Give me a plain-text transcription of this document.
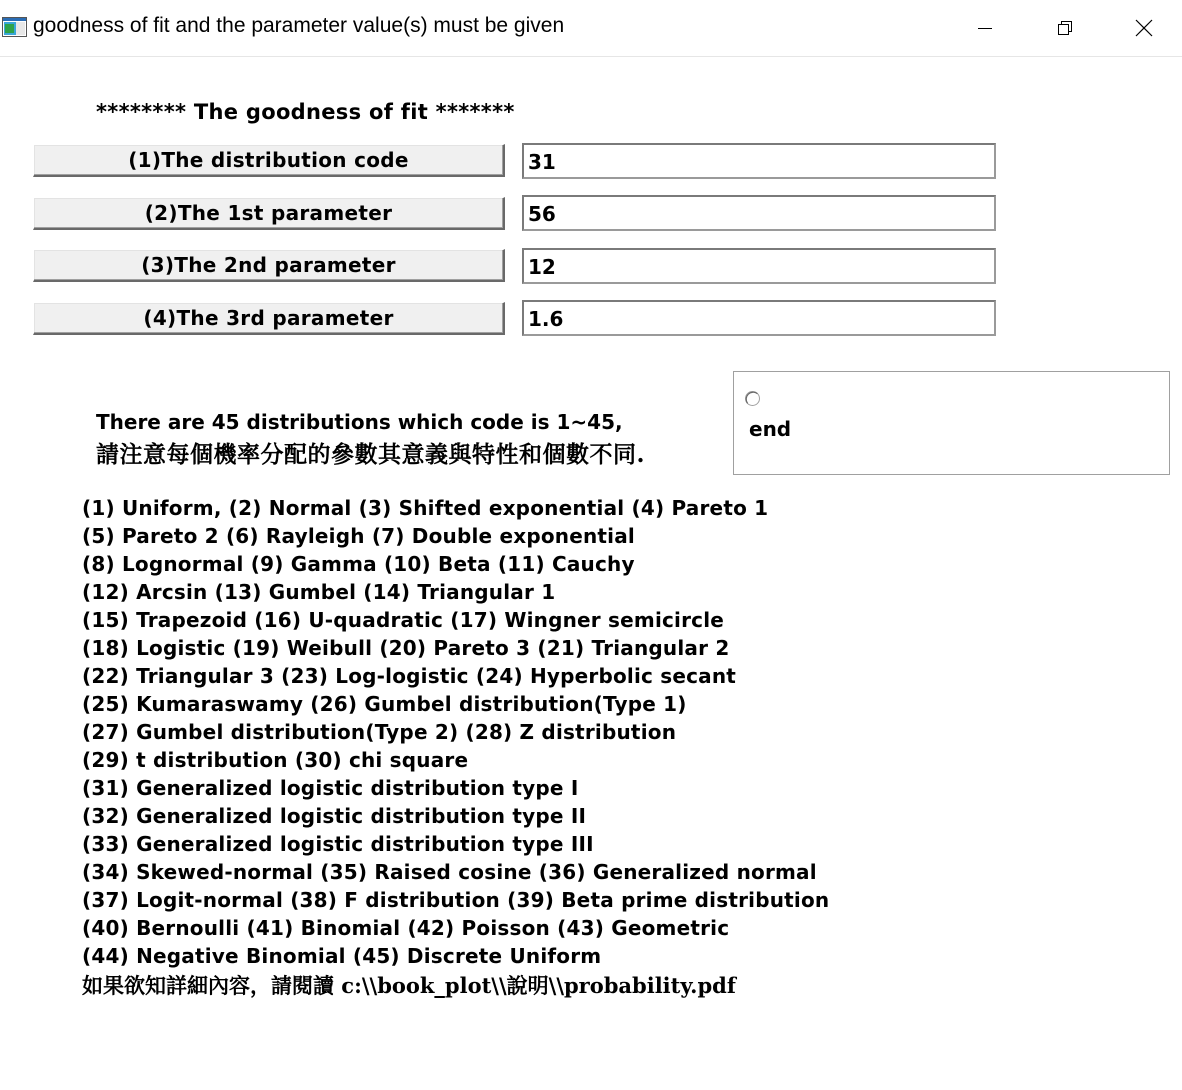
goodness of fit and the parameter value(s) must be given
******** The goodness of fit *******
(1)The distribution code
31
(2)The 1st parameter
56
(3)The 2nd parameter
12
(4)The 3rd parameter
1.6
There are 45 distributions which code is 1~45,
請注意每個機率分配的參數其意義與特性和個數不同.
end
(1) Uniform, (2) Normal (3) Shifted exponential (4) Pareto 1
(5) Pareto 2 (6) Rayleigh (7) Double exponential
(8) Lognormal (9) Gamma (10) Beta (11) Cauchy
(12) Arcsin (13) Gumbel (14) Triangular 1
(15) Trapezoid (16) U-quadratic (17) Wingner semicircle
(18) Logistic (19) Weibull (20) Pareto 3 (21) Triangular 2
(22) Triangular 3 (23) Log-logistic (24) Hyperbolic secant
(25) Kumaraswamy (26) Gumbel distribution(Type 1)
(27) Gumbel distribution(Type 2) (28) Z distribution
(29) t distribution (30) chi square
(31) Generalized logistic distribution type I
(32) Generalized logistic distribution type II
(33) Generalized logistic distribution type III
(34) Skewed-normal (35) Raised cosine (36) Generalized normal
(37) Logit-normal (38) F distribution (39) Beta prime distribution
(40) Bernoulli (41) Binomial (42) Poisson (43) Geometric
(44) Negative Binomial (45) Discrete Uniform
如果欲知詳細內容，請閱讀 c:\\book_plot\\說明\\probability.pdf
